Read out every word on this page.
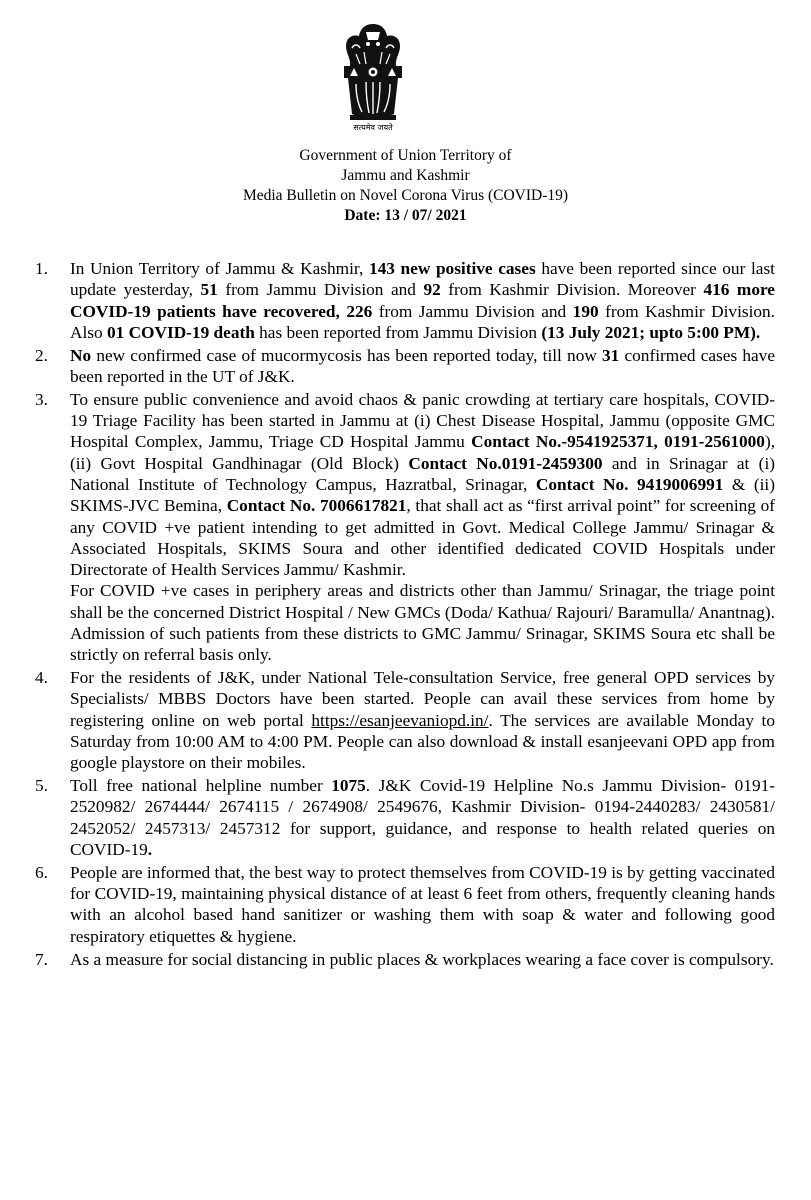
सत्यमेव जयते
Government of Union Territory of
Jammu and Kashmir
Media Bulletin on Novel Corona Virus (COVID-19)
Date: 13 / 07/ 2021
1. In Union Territory of Jammu & Kashmir, 143 new positive cases have been reported since our last update yesterday, 51 from Jammu Division and 92 from Kashmir Division. Moreover 416 more COVID-19 patients have recovered, 226 from Jammu Division and 190 from Kashmir Division. Also 01 COVID-19 death has been reported from Jammu Division (13 July 2021; upto 5:00 PM).

2. No new confirmed case of mucormycosis has been reported today, till now 31 confirmed cases have been reported in the UT of J&K.

3. To ensure public convenience and avoid chaos & panic crowding at tertiary care hospitals, COVID-19 Triage Facility has been started in Jammu at (i) Chest Disease Hospital, Jammu (opposite GMC Hospital Complex, Jammu, Triage CD Hospital Jammu Contact No.-9541925371, 0191-2561000), (ii) Govt Hospital Gandhinagar (Old Block) Contact No.0191-2459300 and in Srinagar at (i) National Institute of Technology Campus, Hazratbal, Srinagar, Contact No. 9419006991 & (ii) SKIMS-JVC Bemina, Contact No. 7006617821, that shall act as “first arrival point” for screening of any COVID +ve patient intending to get admitted in Govt. Medical College Jammu/ Srinagar & Associated Hospitals, SKIMS Soura and other identified dedicated COVID Hospitals under Directorate of Health Services Jammu/ Kashmir.

For COVID +ve cases in periphery areas and districts other than Jammu/ Srinagar, the triage point shall be the concerned District Hospital / New GMCs (Doda/ Kathua/ Rajouri/ Baramulla/ Anantnag). Admission of such patients from these districts to GMC Jammu/ Srinagar, SKIMS Soura etc shall be strictly on referral basis only.

4. For the residents of J&K, under National Tele-consultation Service, free general OPD services by Specialists/ MBBS Doctors have been started. People can avail these services from home by registering online on web portal https://esanjeevaniopd.in/. The services are available Monday to Saturday from 10:00 AM to 4:00 PM. People can also download & install esanjeevani OPD app from google playstore on their mobiles.

5. Toll free national helpline number 1075. J&K Covid-19 Helpline No.s Jammu Division- 0191-2520982/ 2674444/ 2674115 / 2674908/ 2549676, Kashmir Division- 0194-2440283/ 2430581/ 2452052/ 2457313/ 2457312 for support, guidance, and response to health related queries on COVID-19.

6. People are informed that, the best way to protect themselves from COVID-19 is by getting vaccinated for COVID-19, maintaining physical distance of at least 6 feet from others, frequently cleaning hands with an alcohol based hand sanitizer or washing them with soap & water and following good respiratory etiquettes & hygiene.

7. As a measure for social distancing in public places & workplaces wearing a face cover is compulsory.
